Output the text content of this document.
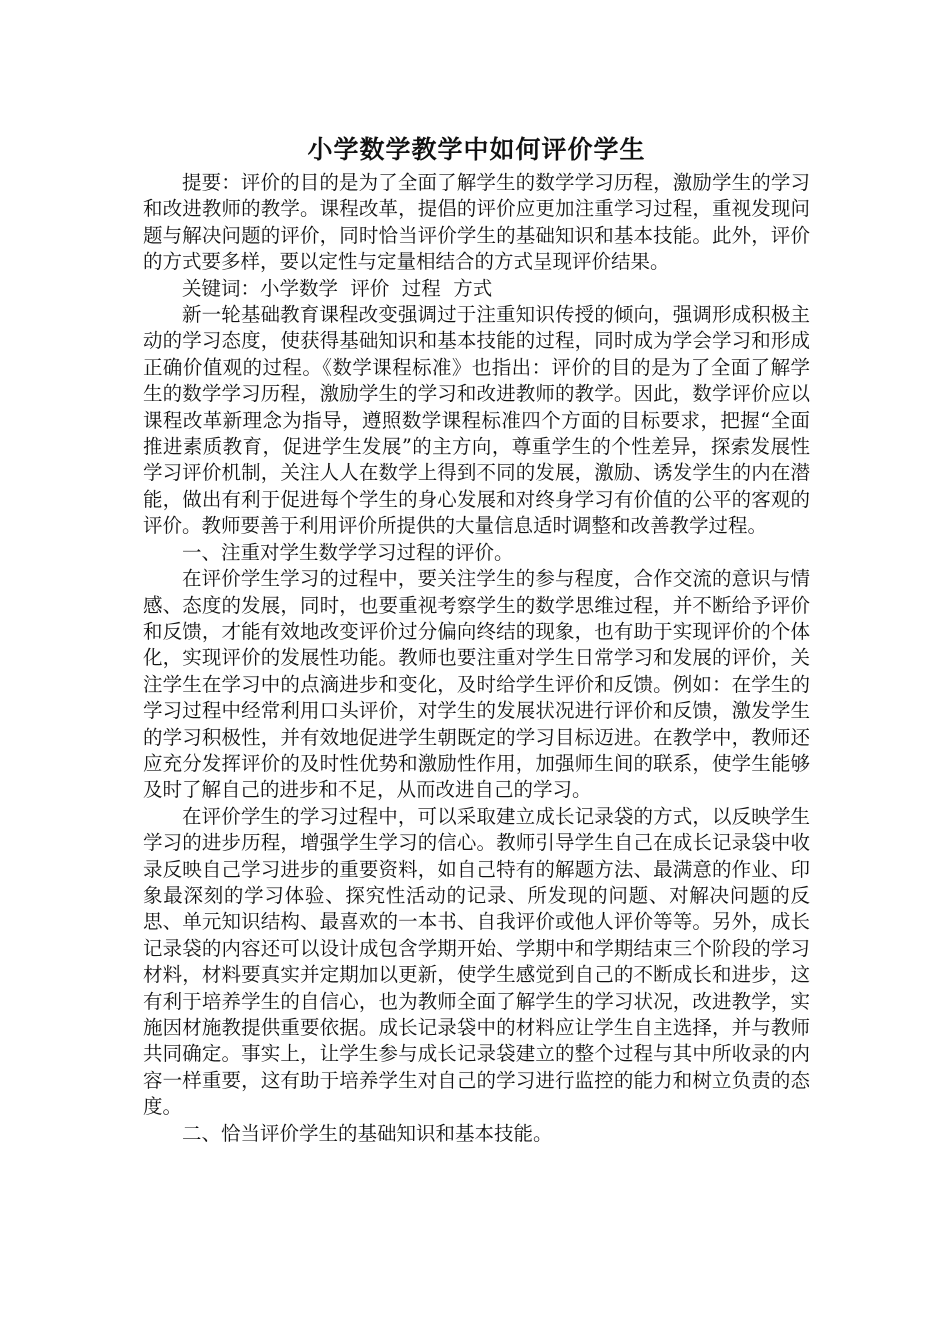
小学数学教学中如何评价学生

提要：评价的目的是为了全面了解学生的数学学习历程，激励学生的学习和改进教师的教学。课程改革，提倡的评价应更加注重学习过程，重视发现问题与解决问题的评价，同时恰当评价学生的基础知识和基本技能。此外，评价的方式要多样，要以定性与定量相结合的方式呈现评价结果。

关键词：小学数学  评价  过程  方式

新一轮基础教育课程改变强调过于注重知识传授的倾向，强调形成积极主动的学习态度，使获得基础知识和基本技能的过程，同时成为学会学习和形成正确价值观的过程。《数学课程标准》也指出：评价的目的是为了全面了解学生的数学学习历程，激励学生的学习和改进教师的教学。因此，数学评价应以课程改革新理念为指导，遵照数学课程标准四个方面的目标要求，把握“全面推进素质教育，促进学生发展”的主方向，尊重学生的个性差异，探索发展性学习评价机制，关注人人在数学上得到不同的发展，激励、诱发学生的内在潜能，做出有利于促进每个学生的身心发展和对终身学习有价值的公平的客观的评价。教师要善于利用评价所提供的大量信息适时调整和改善教学过程。

一、注重对学生数学学习过程的评价。

在评价学生学习的过程中，要关注学生的参与程度，合作交流的意识与情感、态度的发展，同时，也要重视考察学生的数学思维过程，并不断给予评价和反馈，才能有效地改变评价过分偏向终结的现象，也有助于实现评价的个体化，实现评价的发展性功能。教师也要注重对学生日常学习和发展的评价，关注学生在学习中的点滴进步和变化，及时给学生评价和反馈。例如：在学生的学习过程中经常利用口头评价，对学生的发展状况进行评价和反馈，激发学生的学习积极性，并有效地促进学生朝既定的学习目标迈进。在教学中，教师还应充分发挥评价的及时性优势和激励性作用，加强师生间的联系，使学生能够及时了解自己的进步和不足，从而改进自己的学习。

在评价学生的学习过程中，可以采取建立成长记录袋的方式，以反映学生学习的进步历程，增强学生学习的信心。教师引导学生自己在成长记录袋中收录反映自己学习进步的重要资料，如自己特有的解题方法、最满意的作业、印象最深刻的学习体验、探究性活动的记录、所发现的问题、对解决问题的反思、单元知识结构、最喜欢的一本书、自我评价或他人评价等等。另外，成长记录袋的内容还可以设计成包含学期开始、学期中和学期结束三个阶段的学习材料，材料要真实并定期加以更新，使学生感觉到自己的不断成长和进步，这有利于培养学生的自信心，也为教师全面了解学生的学习状况，改进教学，实施因材施教提供重要依据。成长记录袋中的材料应让学生自主选择，并与教师共同确定。事实上，让学生参与成长记录袋建立的整个过程与其中所收录的内容一样重要，这有助于培养学生对自己的学习进行监控的能力和树立负责的态度。

二、恰当评价学生的基础知识和基本技能。
